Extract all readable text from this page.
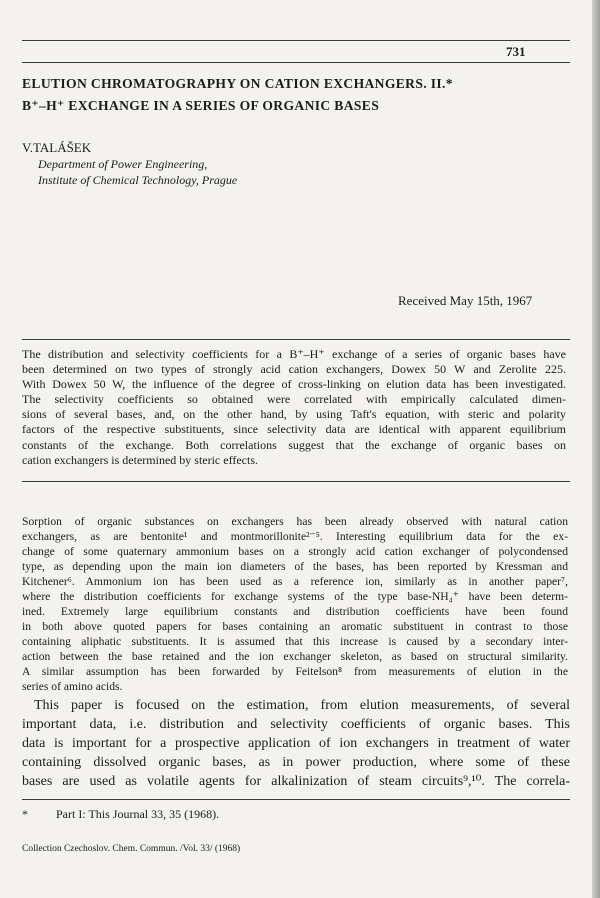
731
ELUTION CHROMATOGRAPHY ON CATION EXCHANGERS. II.*
B⁺–H⁺ EXCHANGE IN A SERIES OF ORGANIC BASES
V.TALÁŠEK
Department of Power Engineering,
Institute of Chemical Technology, Prague
Received May 15th, 1967

The distribution and selectivity coefficients for a B⁺–H⁺ exchange of a series of organic bases have

been determined on two types of strongly acid cation exchangers, Dowex 50 W and Zerolite 225.

With Dowex 50 W, the influence of the degree of cross-linking on elution data has been investigated.

The selectivity coefficients so obtained were correlated with empirically calculated dimen-

sions of several bases, and, on the other hand, by using Taft's equation, with steric and polarity

factors of the respective substituents, since selectivity data are identical with apparent equilibrium

constants of the exchange. Both correlations suggest that the exchange of organic bases on

cation exchangers is determined by steric effects.

Sorption of organic substances on exchangers has been already observed with natural cation

exchangers, as are bentonite¹ and montmorillonite²⁻⁵. Interesting equilibrium data for the ex-

change of some quaternary ammonium bases on a strongly acid cation exchanger of polycondensed

type, as depending upon the main ion diameters of the bases, has been reported by Kressman and

Kitchener⁶. Ammonium ion has been used as a reference ion, similarly as in another paper⁷,

where the distribution coefficients for exchange systems of the type base-NH₄⁺ have been determ-

ined. Extremely large equilibrium constants and distribution coefficients have been found

in both above quoted papers for bases containing an aromatic substituent in contrast to those

containing aliphatic substituents. It is assumed that this increase is caused by a secondary inter-

action between the base retained and the ion exchanger skeleton, as based on structural similarity.

A similar assumption has been forwarded by Feitelson⁸ from measurements of elution in the

series of amino acids.

This paper is focused on the estimation, from elution measurements, of several

important data, i.e. distribution and selectivity coefficients of organic bases. This

data is important for a prospective application of ion exchangers in treatment of water

containing dissolved organic bases, as in power production, where some of these

bases are used as volatile agents for alkalinization of steam circuits⁹,¹⁰. The correla-

* Part I: This Journal 33, 35 (1968).
Collection Czechoslov. Chem. Commun. /Vol. 33/ (1968)
